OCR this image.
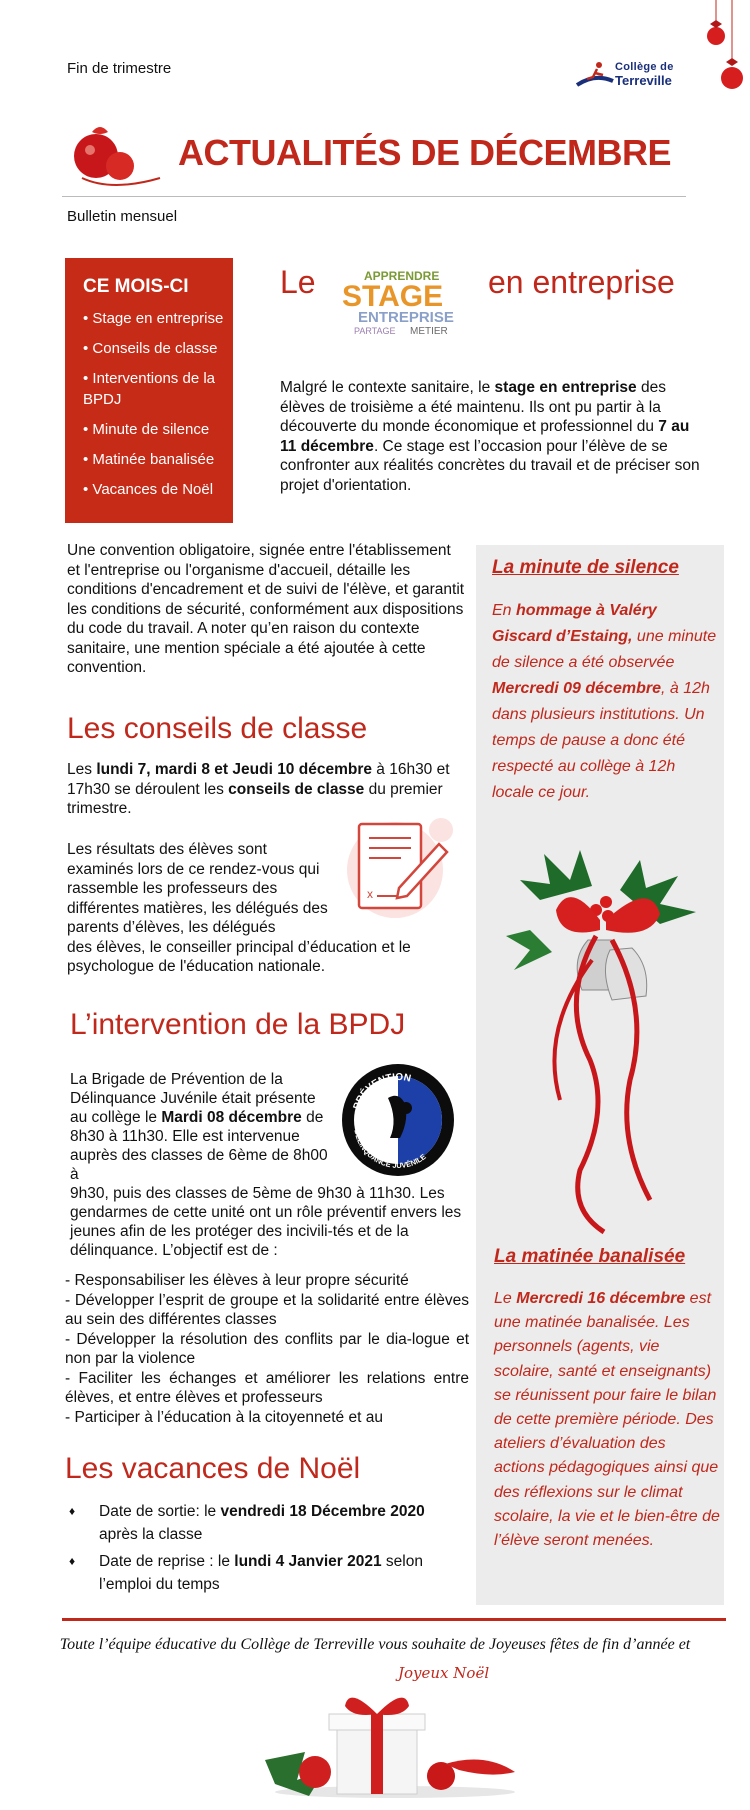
Fin de trimestre	Collège de
Terreville
ACTUALITÉS DE DÉCEMBRE
Bulletin mensuel
CE MOIS-CI
• Stage en entreprise
• Conseils de classe
• Interventions de la BPDJ
• Minute de silence
• Matinée banalisée
• Vacances de Noël
Le	APPRENDRE
STAGE
ENTREPRISE
PARTAGE METIER
en entreprise
Malgré le contexte sanitaire, le stage en entreprise des élèves de troisième a été maintenu. Ils ont pu partir à la découverte du monde économique et professionnel du 7 au 11 décembre. Ce stage est l’occasion pour l’élève de se confronter aux réalités concrètes du travail et de préciser son projet d'orientation.
La minute de silence
En hommage à Valéry Giscard d’Estaing, une minute de silence a été observée Mercredi 09 décembre, à 12h dans plusieurs institutions. Un temps de pause a donc été respecté au collège à 12h locale ce jour.
La matinée banalisée
Le Mercredi 16 décembre est une matinée banalisée. Les personnels (agents, vie scolaire, santé et enseignants) se réunissent pour faire le bilan de cette première période. Des ateliers d’évaluation des actions pédagogiques ainsi que des réflexions sur le climat scolaire, la vie et le bien-être de l’élève seront menées.
Une convention obligatoire, signée entre l'établissement et l'entreprise ou l'organisme d'accueil, détaille les conditions d'encadrement et de suivi de l'élève, et garantit les conditions de sécurité, conformément aux dispositions du code du travail. A noter qu’en raison du contexte sanitaire, une mention spéciale a été ajoutée à cette convention.
Les conseils de classe
Les lundi 7, mardi 8 et Jeudi 10 décembre à 16h30 et 17h30 se déroulent les conseils de classe du premier trimestre.
x
Les résultats des élèves sont examinés lors de ce rendez-vous qui rassemble les professeurs des différentes matières, les délégués des parents d’élèves, les délégués
des élèves, le conseiller principal d’éducation et le psychologue de l'éducation nationale.
L’intervention de la BPDJ
PRÉVENTION
DÉLINQUANCE JUVÉNILE
La Brigade de Prévention de la Délinquance Juvénile était présente au collège le Mardi 08 décembre de 8h30 à 11h30. Elle est intervenue auprès des classes de 6ème de 8h00 à
9h30, puis des classes de 5ème de 9h30 à 11h30. Les gendarmes de cette unité ont un rôle préventif envers les jeunes afin de les protéger des incivili-tés et de la délinquance. L’objectif est de :
- Responsabiliser les élèves à leur propre sécurité
- Développer l’esprit de groupe et la solidarité entre élèves au sein des différentes classes
- Développer la résolution des conflits par le dia-logue et non par la violence
- Faciliter les échanges et améliorer les relations entre élèves, et entre élèves et professeurs
- Participer à l’éducation à la citoyenneté et au
Les vacances de Noël
♦ Date de sortie: le vendredi 18 Décembre 2020 après la classe
♦ Date de reprise : le lundi 4 Janvier 2021 selon l’emploi du temps
Toute l’équipe éducative du Collège de Terreville vous souhaite de Joyeuses fêtes de fin d’année et
Joyeux Noël
